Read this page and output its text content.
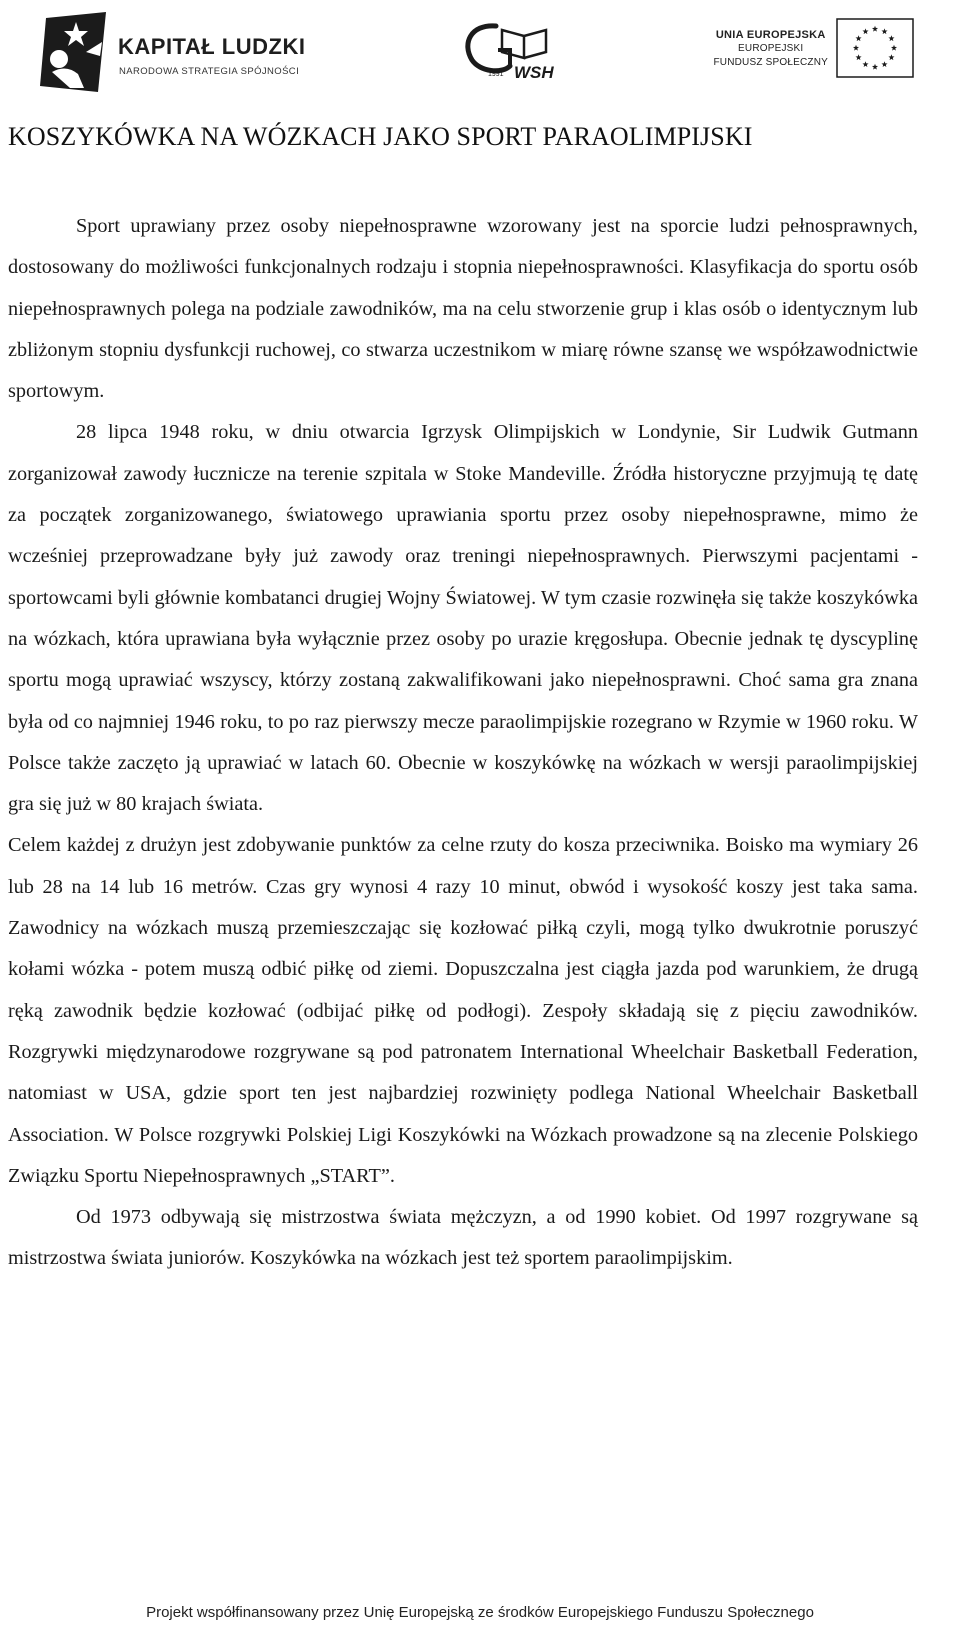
KAPITAŁ LUDZKI
NARODOWA STRATEGIA SPÓJNOŚCI	1991 WSH
UNIA EUROPEJSKA
EUROPEJSKI
FUNDUSZ SPOŁECZNY
KOSZYKÓWKA NA WÓZKACH JAKO SPORT PARAOLIMPIJSKI

Sport uprawiany przez osoby niepełnosprawne wzorowany jest na sporcie ludzi pełnosprawnych, dostosowany do możliwości funkcjonalnych rodzaju i stopnia niepełnosprawności. Klasyfikacja do sportu osób niepełnosprawnych polega na podziale zawodników, ma na celu stworzenie grup i klas osób o identycznym lub zbliżonym stopniu dysfunkcji ruchowej, co stwarza uczestnikom w miarę równe szansę we współzawodnictwie sportowym.

28 lipca 1948 roku, w dniu otwarcia Igrzysk Olimpijskich w Londynie, Sir Ludwik Gutmann zorganizował zawody łucznicze na terenie szpitala w Stoke Mandeville. Źródła historyczne przyjmują tę datę za początek zorganizowanego, światowego uprawiania sportu przez osoby niepełnosprawne, mimo że wcześniej przeprowadzane były już zawody oraz treningi niepełnosprawnych. Pierwszymi pacjentami - sportowcami byli głównie kombatanci drugiej Wojny Światowej. W tym czasie rozwinęła się także koszykówka na wózkach, która uprawiana była wyłącznie przez osoby po urazie kręgosłupa. Obecnie jednak tę dyscyplinę sportu mogą uprawiać wszyscy, którzy zostaną zakwalifikowani jako niepełnosprawni. Choć sama gra znana była od co najmniej 1946 roku, to po raz pierwszy mecze paraolimpijskie rozegrano w Rzymie w 1960 roku. W Polsce także zaczęto ją uprawiać w latach 60. Obecnie w koszykówkę na wózkach w wersji paraolimpijskiej gra się już w 80 krajach świata.

Celem każdej z drużyn jest zdobywanie punktów za celne rzuty do kosza przeciwnika. Boisko ma wymiary 26 lub 28 na 14 lub 16 metrów. Czas gry wynosi 4 razy 10 minut, obwód i wysokość koszy jest taka sama. Zawodnicy na wózkach muszą przemieszczając się kozłować piłką czyli, mogą tylko dwukrotnie poruszyć kołami wózka - potem muszą odbić piłkę od ziemi. Dopuszczalna jest ciągła jazda pod warunkiem, że drugą ręką zawodnik będzie kozłować (odbijać piłkę od podłogi). Zespoły składają się z pięciu zawodników. Rozgrywki międzynarodowe rozgrywane są pod patronatem International Wheelchair Basketball Federation, natomiast w USA, gdzie sport ten jest najbardziej rozwinięty podlega National Wheelchair Basketball Association. W Polsce rozgrywki Polskiej Ligi Koszykówki na Wózkach prowadzone są na zlecenie Polskiego Związku Sportu Niepełnosprawnych „START”.

Od 1973 odbywają się mistrzostwa świata mężczyzn, a od 1990 kobiet. Od 1997 rozgrywane są mistrzostwa świata juniorów. Koszykówka na wózkach jest też sportem paraolimpijskim.

Projekt współfinansowany przez Unię Europejską ze środków Europejskiego Funduszu Społecznego
